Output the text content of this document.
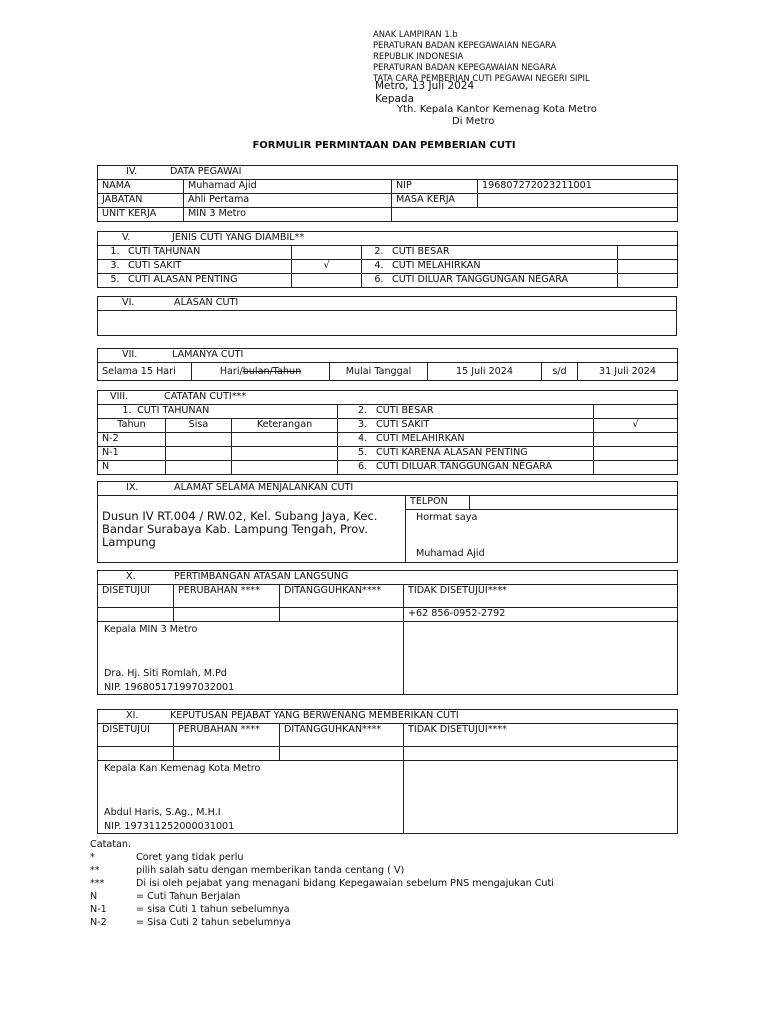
ANAK LAMPIRAN 1.b
PERATURAN BADAN KEPEGAWAIAN NEGARA
REPUBLIK INDONESIA
PERATURAN BADAN KEPEGAWAIAN NEGARA
TATA CARA PEMBERIAN CUTI PEGAWAI NEGERI SIPIL
Metro, 13 Juli 2024
Kepada
Yth. Kepala Kantor Kemenag Kota Metro
Di Metro
FORMULIR PERMINTAAN DAN PEMBERIAN CUTI
IV. DATA PEGAWAI			
NAMA	Muhamad Ajid	NIP	196807272023211001
JABATAN	Ahli Pertama	MASA KERJA	
UNIT KERJA	MIN 3 Metro		
V. JENIS CUTI YANG DIAMBIL**			
1. CUTI TAHUNAN		2. CUTI BESAR	
3. CUTI SAKIT	√	4. CUTI MELAHIRKAN	
5. CUTI ALASAN PENTING		6. CUTI DILUAR TANGGUNGAN NEGARA	
VI.	ALASAN CUTI

VII.	LAMANYA CUTI
Selama 15 Hari	Hari/bulan/Tahun	Mulai Tanggal	15 Juli 2024	s/d	31 Juli 2024
VIII. CATATAN CUTI***				
1. CUTI TAHUNAN			2. CUTI BESAR	
Tahun	Sisa	Keterangan	3. CUTI SAKIT	√
N-2			4. CUTI MELAHIRKAN	
N-1			5. CUTI KARENA ALASAN PENTING	
N			6. CUTI DILUAR TANGGUNGAN NEGARA	
IX. ALAMAT SELAMA MENJALANKAN CUTI		
	TELPON	

Dusun IV RT.004 / RW.02, Kel. Subang Jaya, Kec. Bandar Surabaya Kab. Lampung Tengah, Prov. Lampung	Hormat saya
Muhamad Ajid	
X. PERTIMBANGAN ATASAN LANGSUNG			
DISETUJUI	PERUBAHAN ****	DITANGGUHKAN****	TIDAK DISETUJUI****
			+62 856-0952-2792

Kepala MIN 3 Metro
Dra. Hj. Siti Romlah, M.Pd
NIP. 196805171997032001			

XI. KEPUTUSAN PEJABAT YANG BERWENANG MEMBERIKAN CUTI			
DISETUJUI	PERUBAHAN ****	DITANGGUHKAN****	TIDAK DISETUJUI****

Kepala Kan Kemenag Kota Metro
Abdul Haris, S.Ag., M.H.I
NIP. 197311252000031001			

Catatan.
*	Coret yang tidak perlu
**	pilih salah satu dengan memberikan tanda centang ( V)
***	Di isi oleh pejabat yang menagani bidang Kepegawaian sebelum PNS mengajukan Cuti
N	= Cuti Tahun Berjalan
N-1	= sisa Cuti 1 tahun sebelumnya
N-2	= Sisa Cuti 2 tahun sebelumnya
